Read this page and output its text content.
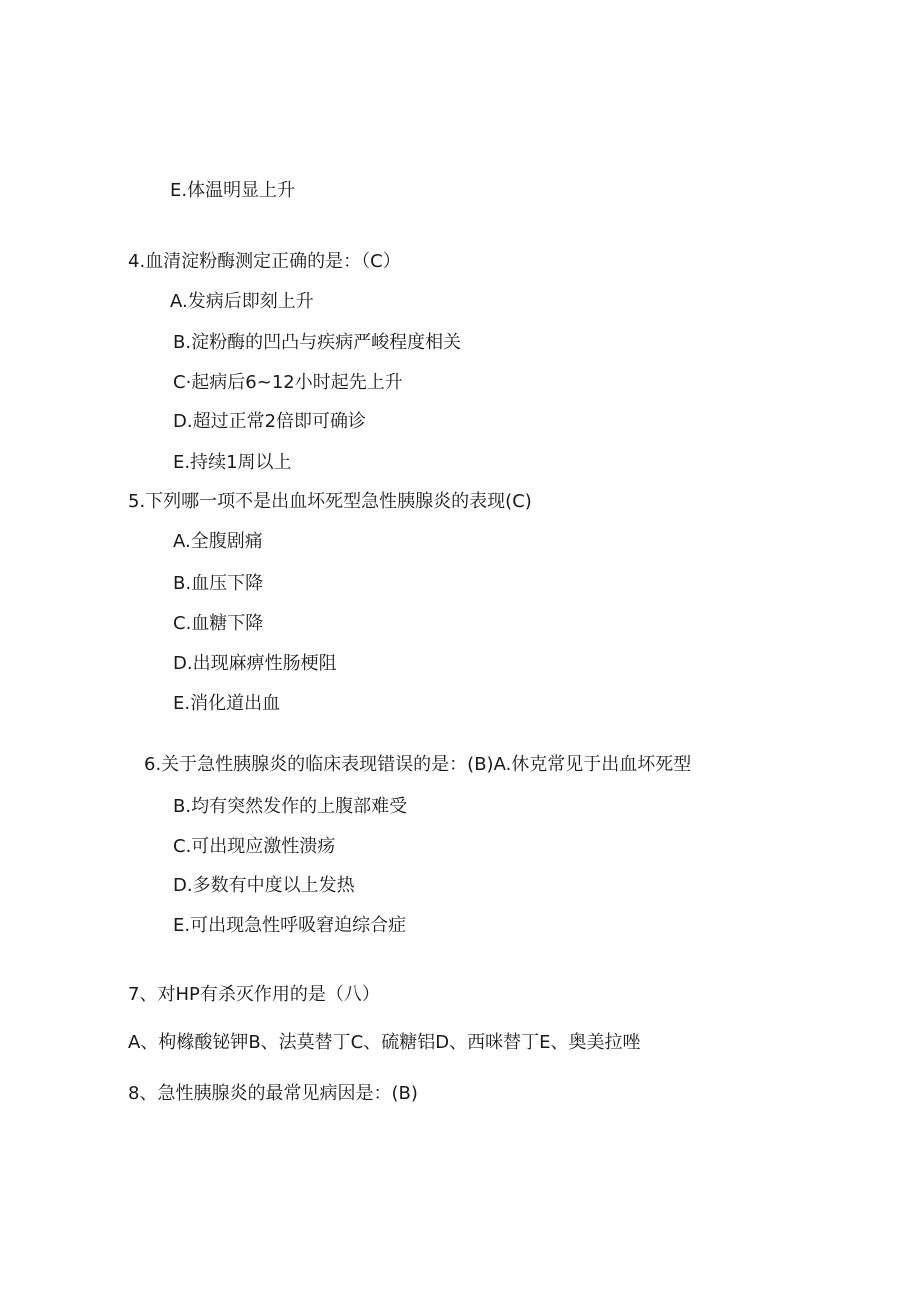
E.体温明显上升
4.血清淀粉酶测定正确的是：（C）
A.发病后即刻上升
B.淀粉酶的凹凸与疾病严峻程度相关
C·起病后6~12小时起先上升
D.超过正常2倍即可确诊
E.持续1周以上
5.下列哪一项不是出血坏死型急性胰腺炎的表现(C)
A.全腹剧痛
B.血压下降
C.血糖下降
D.出现麻痹性肠梗阻
E.消化道出血
6.关于急性胰腺炎的临床表现错误的是：(B)A.休克常见于出血坏死型
B.均有突然发作的上腹部难受
C.可出现应激性溃疡
D.多数有中度以上发热
E.可出现急性呼吸窘迫综合症
7、对HP有杀灭作用的是（八）
A、枸橼酸铋钾B、法莫替丁C、硫糖铝D、西咪替丁E、奥美拉唑
8、急性胰腺炎的最常见病因是：(B)
